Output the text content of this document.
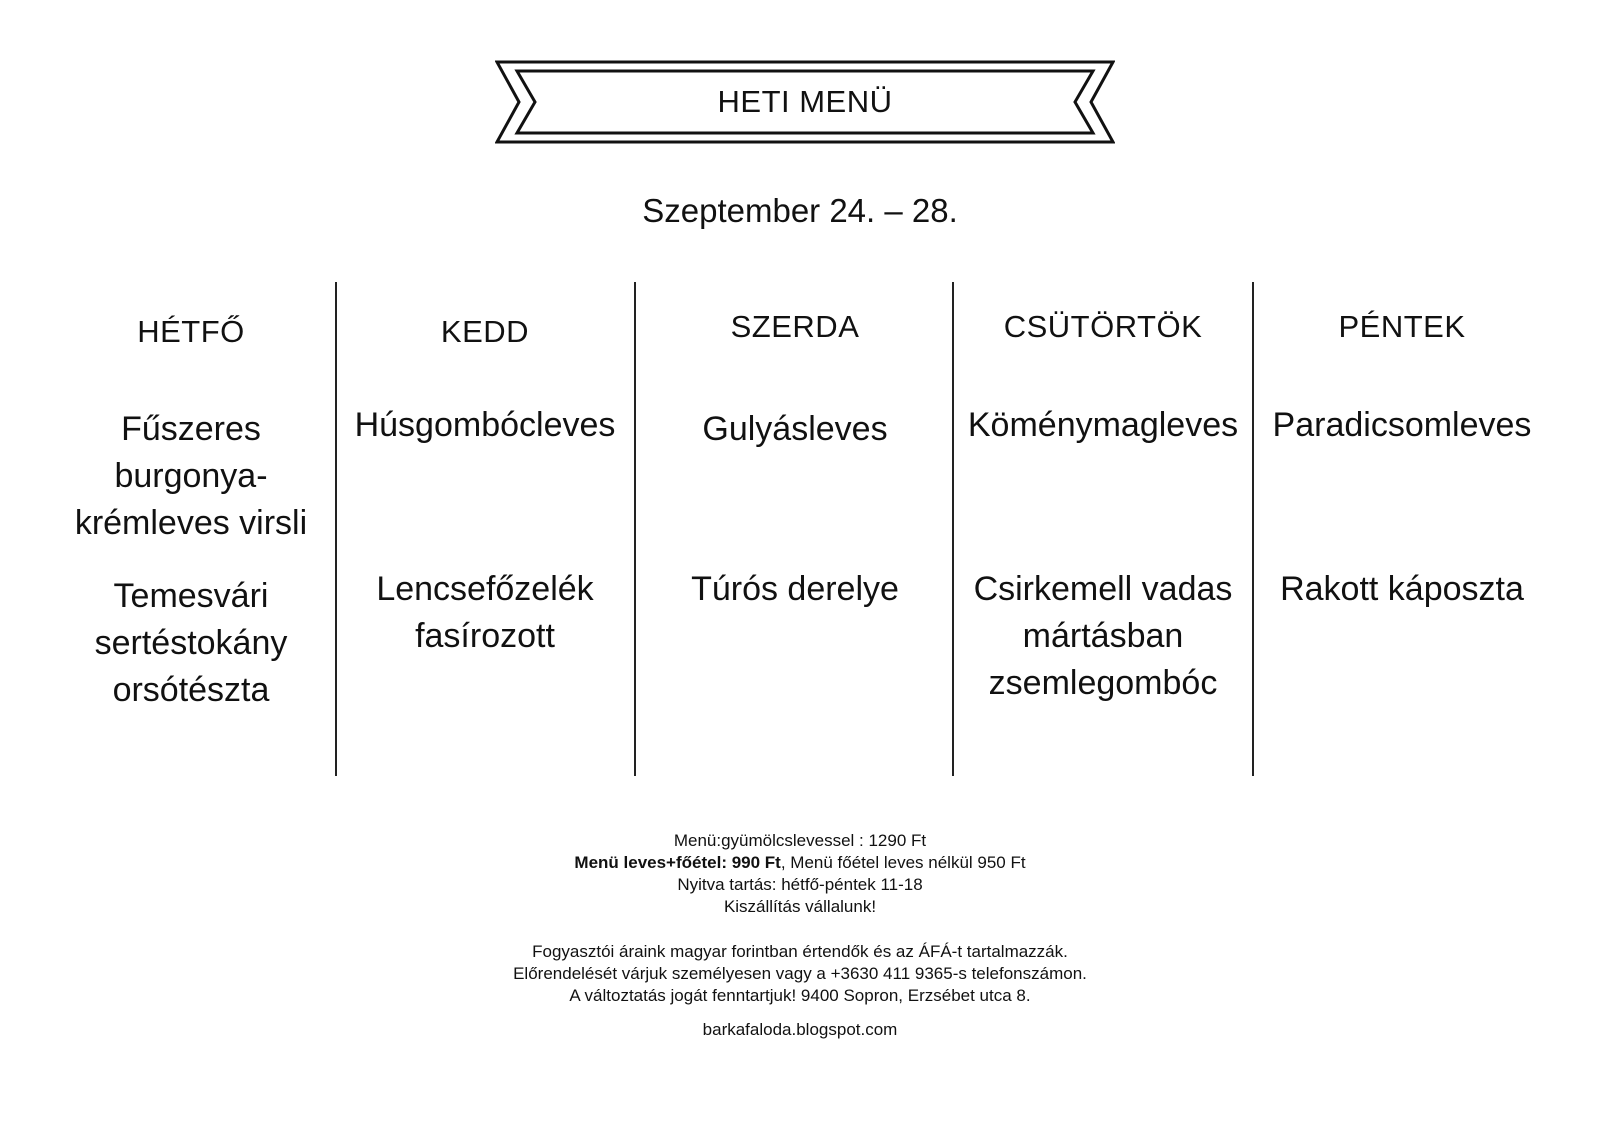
HETI MENÜ
Szeptember 24. – 28.
HÉTFŐ
Fűszeres burgonya-krémleves virsli
Temesvári sertéstokány orsótészta
KEDD
Húsgombócleves
Lencsefőzelék fasírozott
SZERDA
Gulyásleves
Túrós derelye
CSÜTÖRTÖK
Köménymagleves
Csirkemell vadas mártásban zsemlegombóc
PÉNTEK
Paradicsomleves
Rakott káposzta
Menü:gyümölcslevessel : 1290 Ft
Menü leves+főétel: 990 Ft, Menü főétel leves nélkül 950 Ft
Nyitva tartás: hétfő-péntek 11-18
Kiszállítás vállalunk!
Fogyasztói áraink magyar forintban értendők és az ÁFÁ-t tartalmazzák.
Előrendelését várjuk személyesen vagy a +3630 411 9365-s telefonszámon.
A változtatás jogát fenntartjuk! 9400 Sopron, Erzsébet utca 8.
barkafaloda.blogspot.com
